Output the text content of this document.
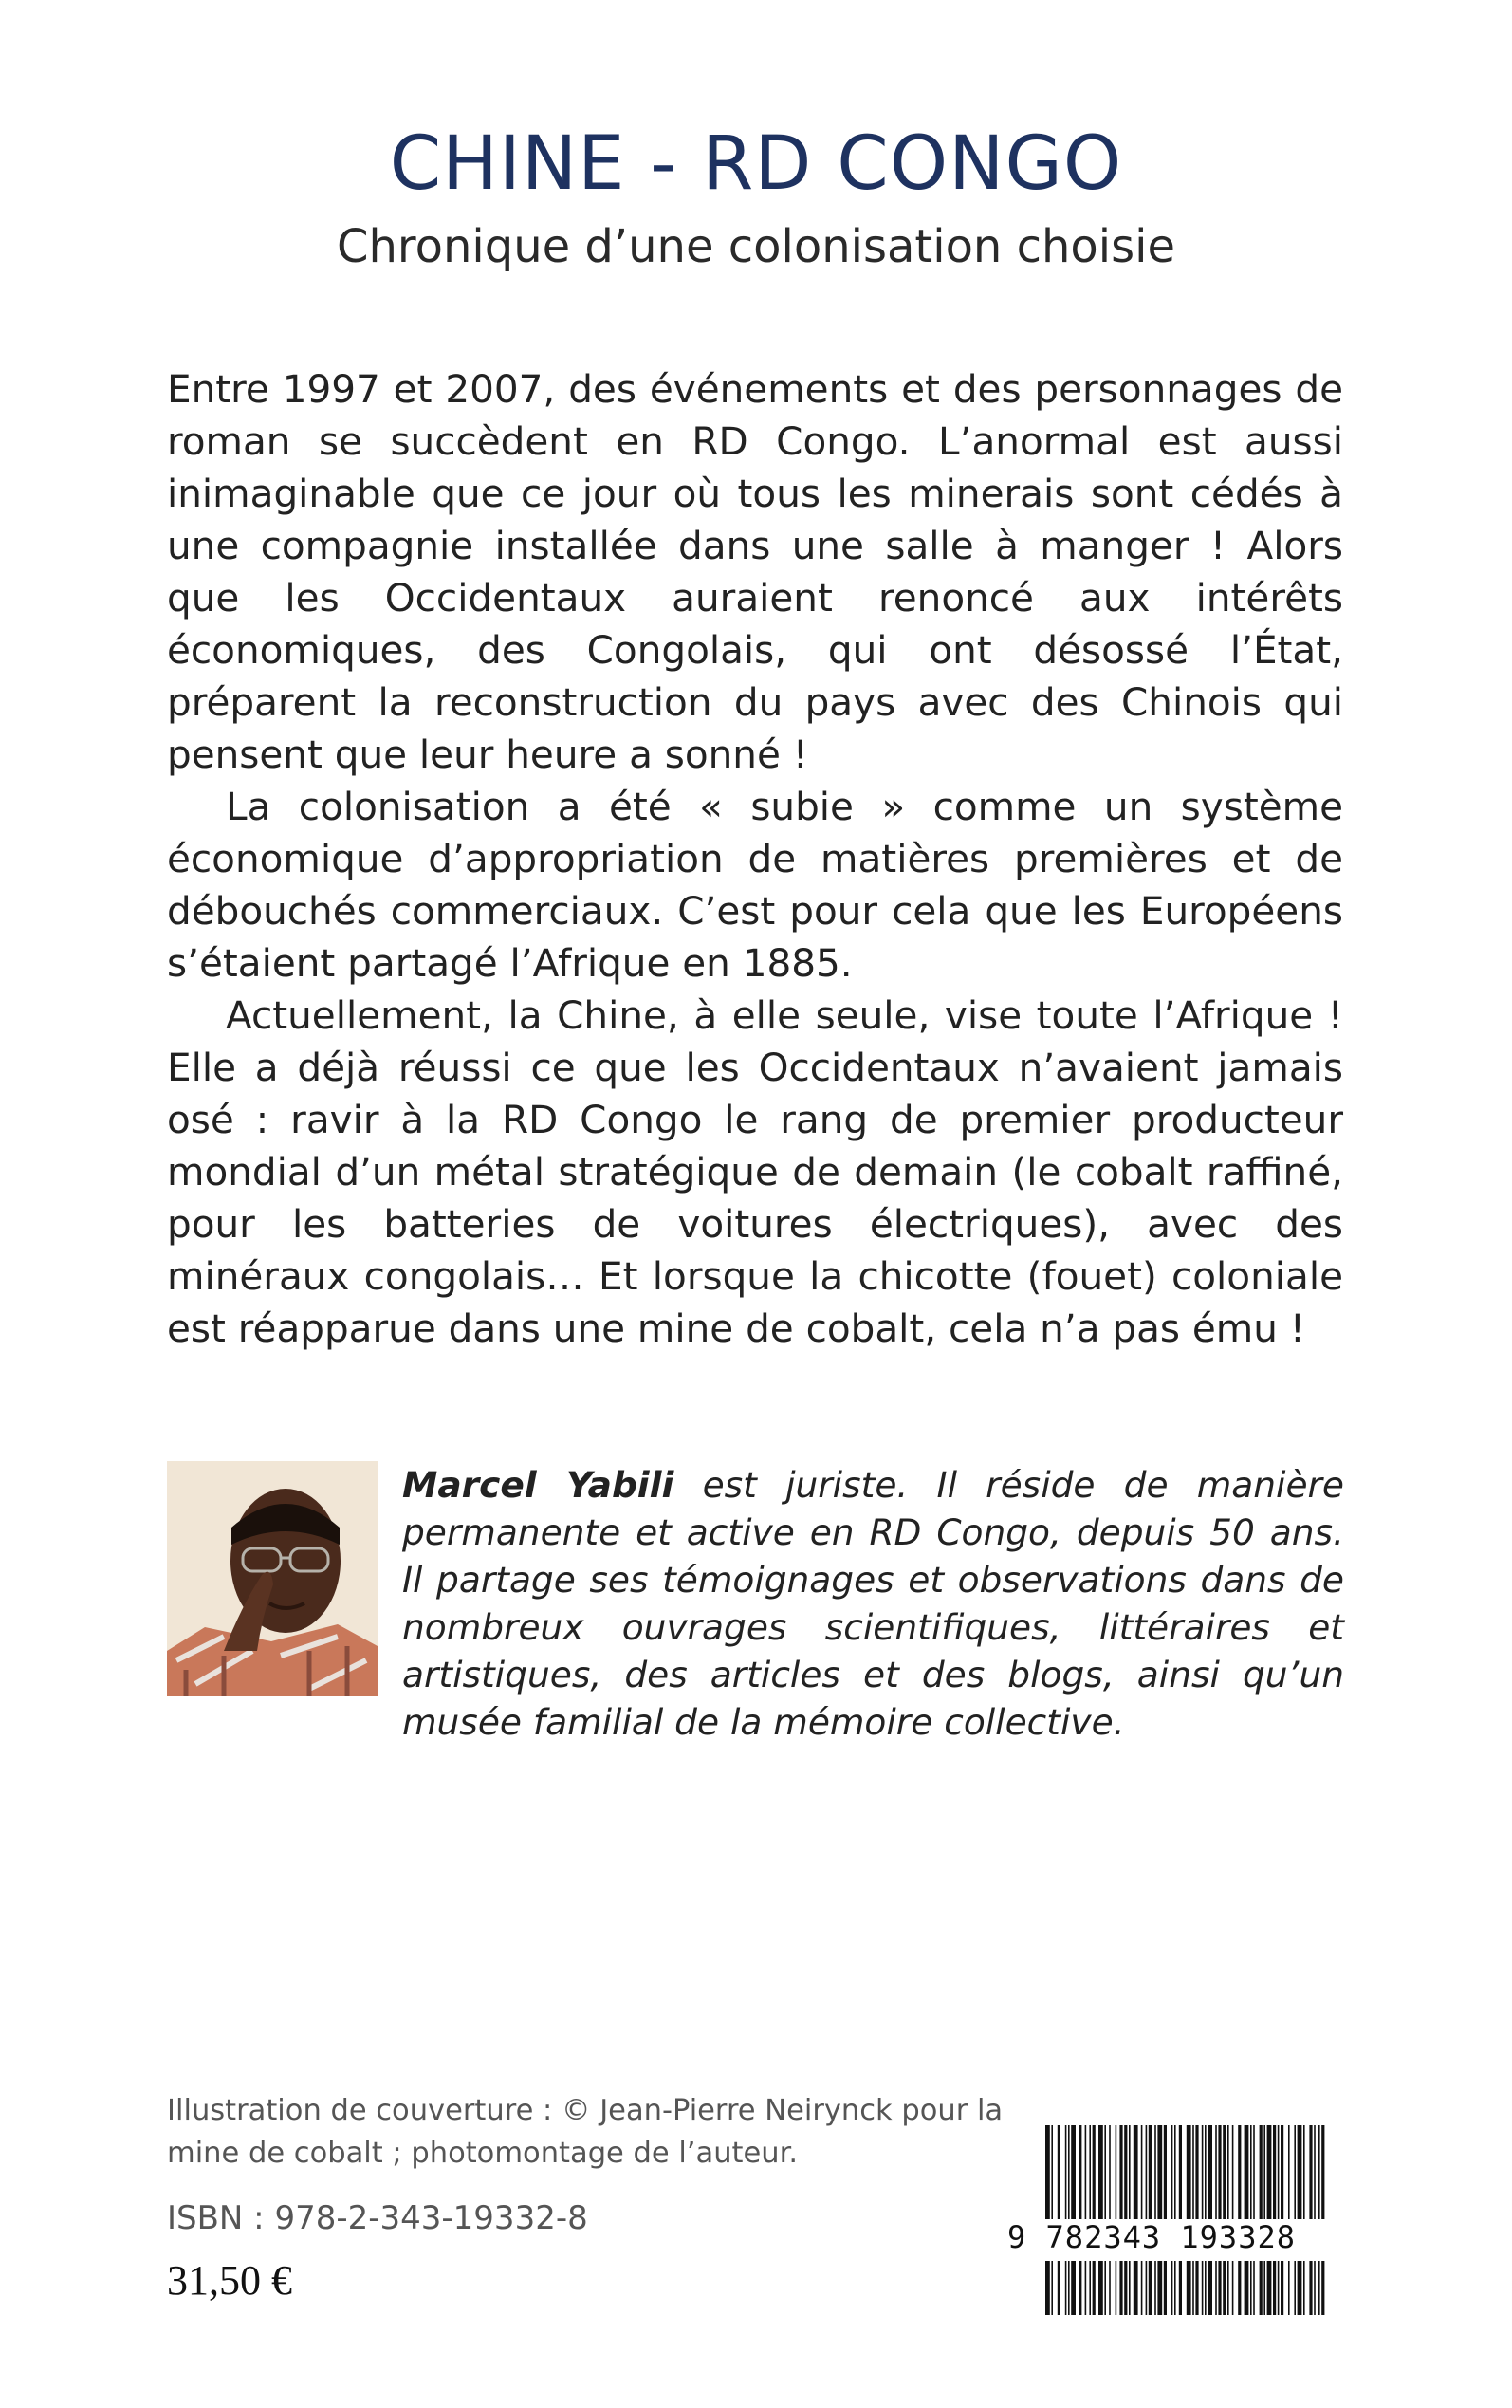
CHINE - RD CONGO
Chronique d’une colonisation choisie

Entre 1997 et 2007, des événements et des personnages de roman se succèdent en RD Congo. L’anormal est aussi inimaginable que ce jour où tous les minerais sont cédés à une compagnie installée dans une salle à manger ! Alors que les Occidentaux auraient renoncé aux intérêts économiques, des Congolais, qui ont désossé l’État, préparent la reconstruction du pays avec des Chinois qui pensent que leur heure a sonné !

La colonisation a été « subie » comme un système économique d’appropriation de matières premières et de débouchés commerciaux. C’est pour cela que les Européens s’étaient partagé l’Afrique en 1885.

Actuellement, la Chine, à elle seule, vise toute l’Afrique ! Elle a déjà réussi ce que les Occidentaux n’avaient jamais osé : ravir à la RD Congo le rang de premier producteur mondial d’un métal stratégique de demain (le cobalt raffiné, pour les batteries de voitures électriques), avec des minéraux congolais… Et lorsque la chicotte (fouet) coloniale est réapparue dans une mine de cobalt, cela n’a pas ému !

Marcel Yabili est juriste. Il réside de manière permanente et active en RD Congo, depuis 50 ans. Il partage ses témoignages et observations dans de nombreux ouvrages scientifiques, littéraires et artistiques, des articles et des blogs, ainsi qu’un musée familial de la mémoire collective.
Illustration de couverture : © Jean-Pierre Neirynck pour la mine de cobalt ; photomontage de l’auteur.
ISBN : 978-2-343-19332-8
31,50 €
9 782343 193328
